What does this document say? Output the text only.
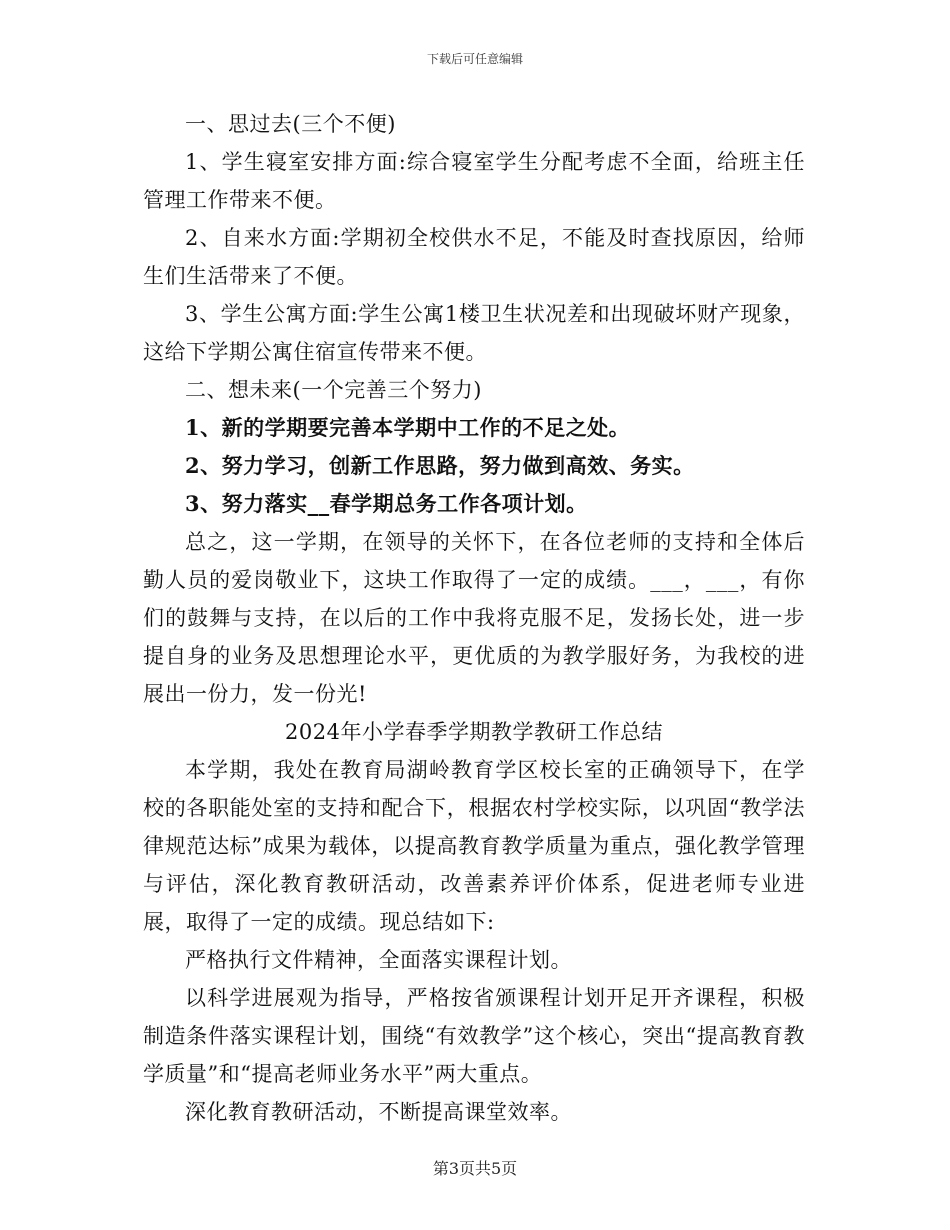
下载后可任意编辑

一、思过去(三个不便)

1、学生寝室安排方面:综合寝室学生分配考虑不全面，给班主任管理工作带来不便。

2、自来水方面:学期初全校供水不足，不能及时查找原因，给师生们生活带来了不便。

3、学生公寓方面:学生公寓1楼卫生状况差和出现破坏财产现象，这给下学期公寓住宿宣传带来不便。

二、想未来(一个完善三个努力)

1、新的学期要完善本学期中工作的不足之处。

2、努力学习，创新工作思路，努力做到高效、务实。

3、努力落实__春学期总务工作各项计划。

总之，这一学期，在领导的关怀下，在各位老师的支持和全体后勤人员的爱岗敬业下，这块工作取得了一定的成绩。___，___，有你们的鼓舞与支持，在以后的工作中我将克服不足，发扬长处，进一步提自身的业务及思想理论水平，更优质的为教学服好务，为我校的进展出一份力，发一份光!

2024年小学春季学期教学教研工作总结

本学期，我处在教育局湖岭教育学区校长室的正确领导下，在学校的各职能处室的支持和配合下，根据农村学校实际，以巩固“教学法律规范达标”成果为载体，以提高教育教学质量为重点，强化教学管理与评估，深化教育教研活动，改善素养评价体系，促进老师专业进展，取得了一定的成绩。现总结如下:

严格执行文件精神，全面落实课程计划。

以科学进展观为指导，严格按省颁课程计划开足开齐课程，积极制造条件落实课程计划，围绕“有效教学”这个核心，突出“提高教育教学质量”和“提高老师业务水平”两大重点。

深化教育教研活动，不断提高课堂效率。

第3页共5页
